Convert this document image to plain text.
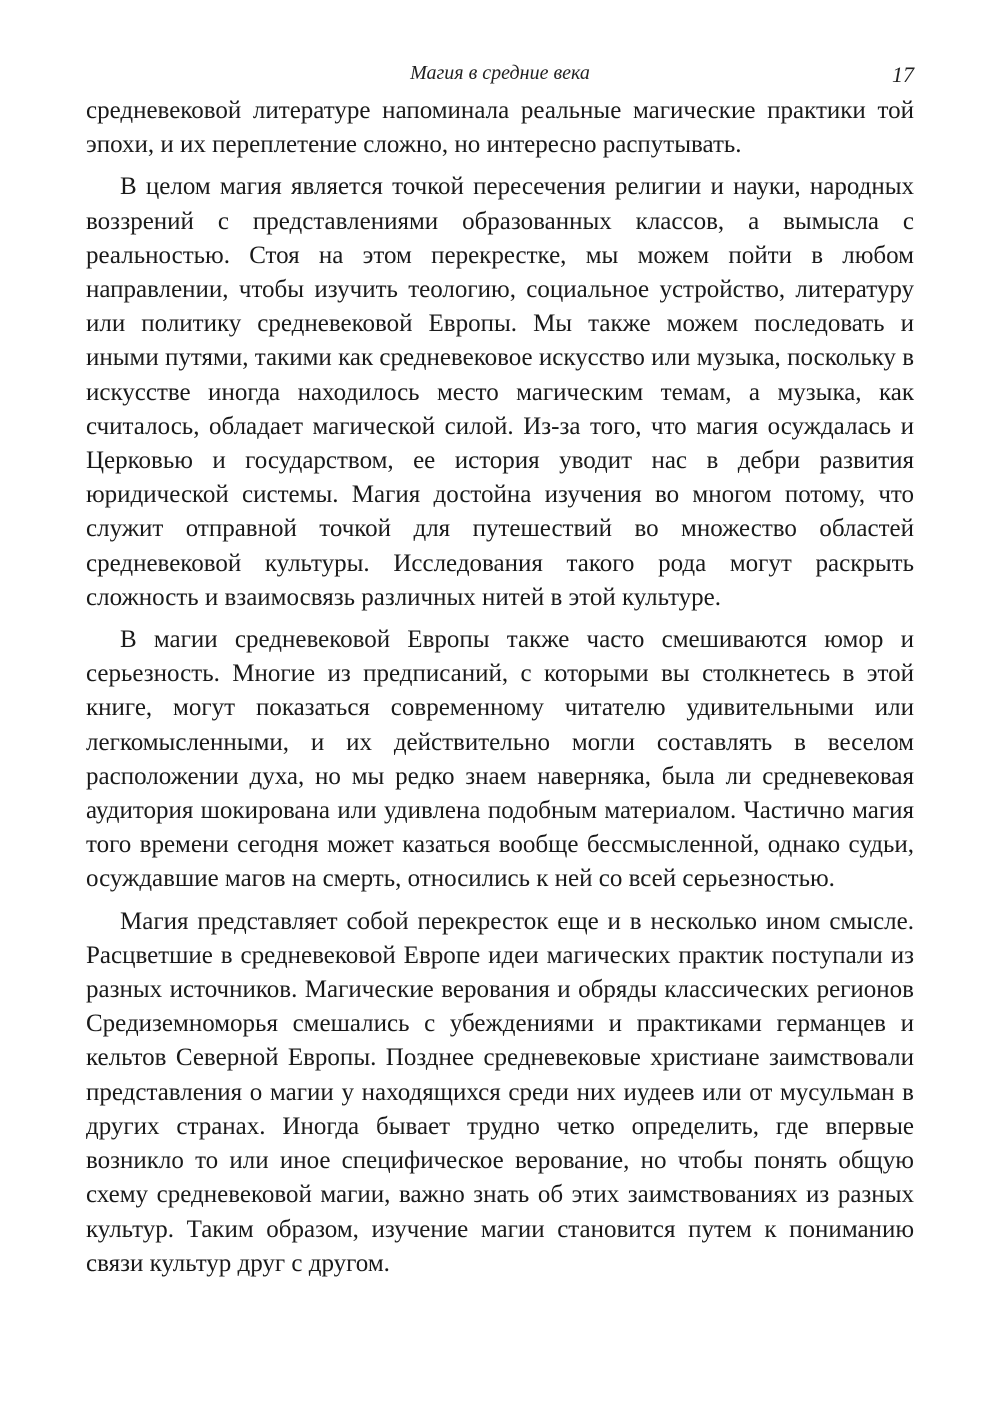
Магия в средние века	17

средневековой литературе напоминала реальные магические практики той эпохи, и их переплетение сложно, но интересно распутывать.

В целом магия является точкой пересечения религии и науки, народных воззрений с представлениями образованных классов, а вымысла с реальностью. Стоя на этом перекрестке, мы можем пойти в любом направлении, чтобы изучить теологию, социальное устройство, литературу или политику средневековой Европы. Мы также можем последовать и иными путями, такими как средневековое искусство или музыка, поскольку в искусстве иногда находилось место магическим темам, а музыка, как считалось, обладает магической силой. Из-за того, что магия осуждалась и Церковью и государством, ее история уводит нас в дебри развития юридической системы. Магия достойна изучения во многом потому, что служит отправной точкой для путешествий во множество областей средневековой культуры. Исследования такого рода могут раскрыть сложность и взаимосвязь различных нитей в этой культуре.

В магии средневековой Европы также часто смешиваются юмор и серьезность. Многие из предписаний, с которыми вы столкнетесь в этой книге, могут показаться современному читателю удивительными или легкомысленными, и их действительно могли составлять в веселом расположении духа, но мы редко знаем наверняка, была ли средневековая аудитория шокирована или удивлена подобным материалом. Частично магия того времени сегодня может казаться вообще бессмысленной, однако судьи, осуждавшие магов на смерть, относились к ней со всей серьезностью.

Магия представляет собой перекресток еще и в несколько ином смысле. Расцветшие в средневековой Европе идеи магических практик поступали из разных источников. Магические верования и обряды классических регионов Средиземноморья смешались с убеждениями и практиками германцев и кельтов Северной Европы. Позднее средневековые христиане заимствовали представления о магии у находящихся среди них иудеев или от мусульман в других странах. Иногда бывает трудно четко определить, где впервые возникло то или иное специфическое верование, но чтобы понять общую схему средневековой магии, важно знать об этих заимствованиях из разных культур. Таким образом, изучение магии становится путем к пониманию связи культур друг с другом.
